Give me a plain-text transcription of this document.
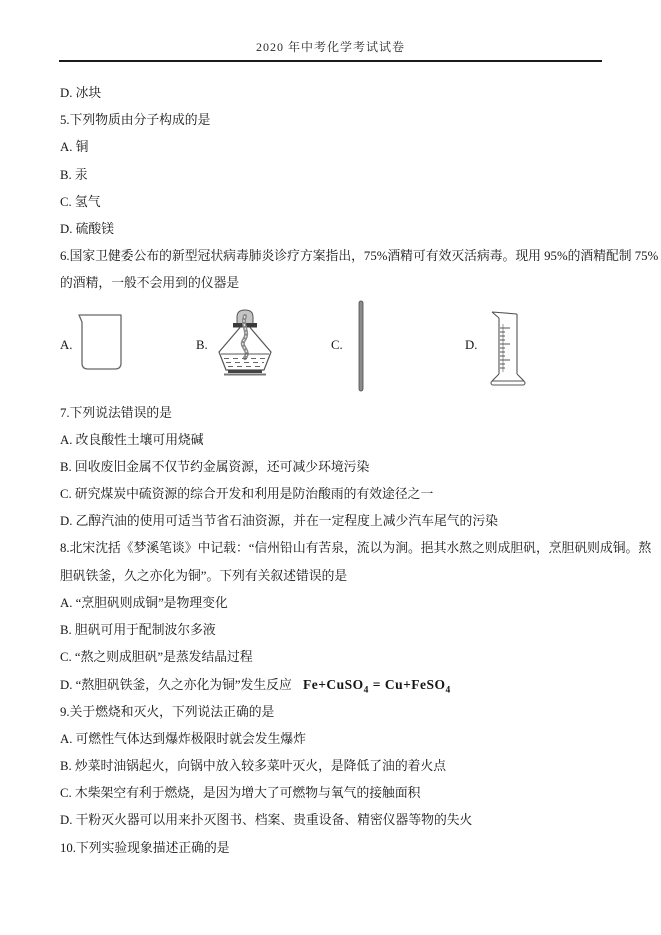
2020 年中考化学考试试卷

D. 冰块

5.下列物质由分子构成的是

A. 铜

B. 汞

C. 氢气

D. 硫酸镁

6.国家卫健委公布的新型冠状病毒肺炎诊疗方案指出，75%酒精可有效灭活病毒。现用 95%的酒精配制 75%

的酒精，一般不会用到的仪器是

A.	B.	C.	D.

7.下列说法错误的是

A. 改良酸性土壤可用烧碱

B. 回收废旧金属不仅节约金属资源，还可减少环境污染

C. 研究煤炭中硫资源的综合开发和利用是防治酸雨的有效途径之一

D. 乙醇汽油的使用可适当节省石油资源，并在一定程度上减少汽车尾气的污染

8.北宋沈括《梦溪笔谈》中记载：“信州铅山有苦泉，流以为涧。挹其水熬之则成胆矾，烹胆矾则成铜。熬

胆矾铁釜，久之亦化为铜”。下列有关叙述错误的是

A. “烹胆矾则成铜”是物理变化

B. 胆矾可用于配制波尔多液

C. “熬之则成胆矾”是蒸发结晶过程

D. “熬胆矾铁釜，久之亦化为铜”发生反应 Fe+CuSO$_4$ = Cu+FeSO$_4$

9.关于燃烧和灭火，下列说法正确的是

A. 可燃性气体达到爆炸极限时就会发生爆炸

B. 炒菜时油锅起火，向锅中放入较多菜叶灭火，是降低了油的着火点

C. 木柴架空有利于燃烧，是因为增大了可燃物与氧气的接触面积

D. 干粉灭火器可以用来扑灭图书、档案、贵重设备、精密仪器等物的失火

10.下列实验现象描述正确的是
